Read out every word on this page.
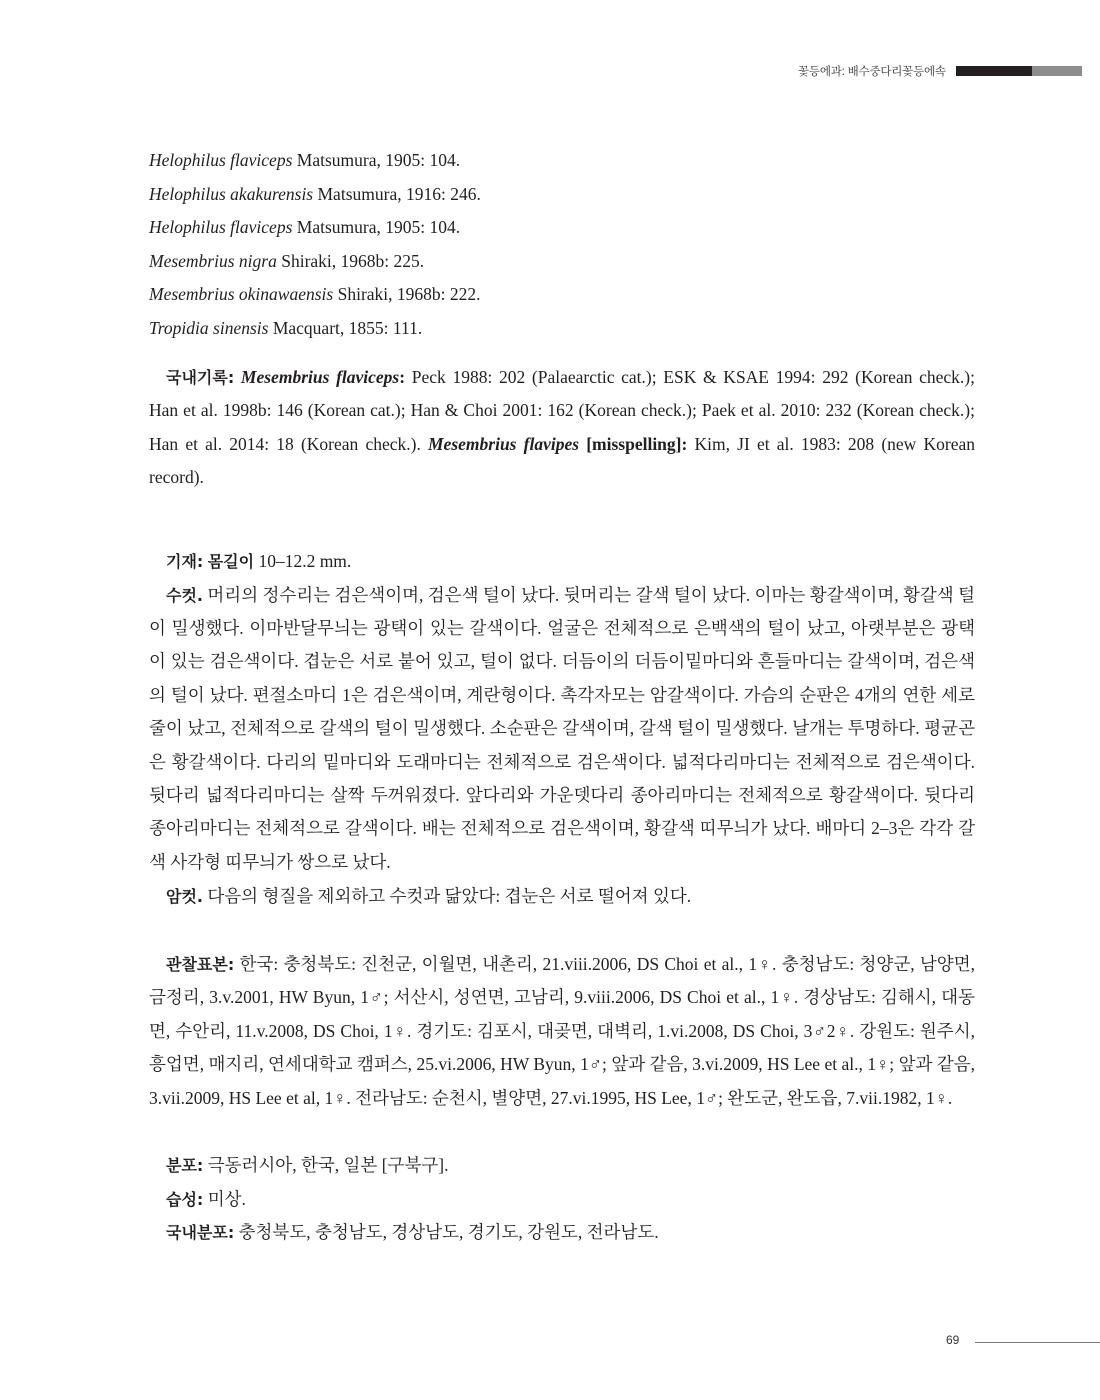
꽃등에과: 배수중다리꽃등에속
Helophilus flaviceps Matsumura, 1905: 104.
Helophilus akakurensis Matsumura, 1916: 246.
Helophilus flaviceps Matsumura, 1905: 104.
Mesembrius nigra Shiraki, 1968b: 225.
Mesembrius okinawaensis Shiraki, 1968b: 222.
Tropidia sinensis Macquart, 1855: 111.

국내기록: Mesembrius flaviceps: Peck 1988: 202 (Palaearctic cat.); ESK & KSAE 1994: 292 (Korean check.); Han et al. 1998b: 146 (Korean cat.); Han & Choi 2001: 162 (Korean check.); Paek et al. 2010: 232 (Korean check.); Han et al. 2014: 18 (Korean check.). Mesembrius flavipes [misspelling]: Kim, JI et al. 1983: 208 (new Korean record).

기재: 몸길이 10–12.2 mm.

수컷. 머리의 정수리는 검은색이며, 검은색 털이 났다. 뒷머리는 갈색 털이 났다. 이마는 황갈색이며, 황갈색 털이 밀생했다. 이마반달무늬는 광택이 있는 갈색이다. 얼굴은 전체적으로 은백색의 털이 났고, 아랫부분은 광택이 있는 검은색이다. 겹눈은 서로 붙어 있고, 털이 없다. 더듬이의 더듬이밑마디와 흔들마디는 갈색이며, 검은색의 털이 났다. 편절소마디 1은 검은색이며, 계란형이다. 촉각자모는 암갈색이다. 가슴의 순판은 4개의 연한 세로줄이 났고, 전체적으로 갈색의 털이 밀생했다. 소순판은 갈색이며, 갈색 털이 밀생했다. 날개는 투명하다. 평균곤은 황갈색이다. 다리의 밑마디와 도래마디는 전체적으로 검은색이다. 넓적다리마디는 전체적으로 검은색이다. 뒷다리 넓적다리마디는 살짝 두꺼워졌다. 앞다리와 가운뎃다리 종아리마디는 전체적으로 황갈색이다. 뒷다리 종아리마디는 전체적으로 갈색이다. 배는 전체적으로 검은색이며, 황갈색 띠무늬가 났다. 배마디 2–3은 각각 갈색 사각형 띠무늬가 쌍으로 났다.

암컷. 다음의 형질을 제외하고 수컷과 닮았다: 겹눈은 서로 떨어져 있다.

관찰표본: 한국: 충청북도: 진천군, 이월면, 내촌리, 21.viii.2006, DS Choi et al., 1♀. 충청남도: 청양군, 남양면, 금정리, 3.v.2001, HW Byun, 1♂; 서산시, 성연면, 고남리, 9.viii.2006, DS Choi et al., 1♀. 경상남도: 김해시, 대동면, 수안리, 11.v.2008, DS Choi, 1♀. 경기도: 김포시, 대곶면, 대벽리, 1.vi.2008, DS Choi, 3♂2♀. 강원도: 원주시, 흥업면, 매지리, 연세대학교 캠퍼스, 25.vi.2006, HW Byun, 1♂; 앞과 같음, 3.vi.2009, HS Lee et al., 1♀; 앞과 같음, 3.vii.2009, HS Lee et al, 1♀. 전라남도: 순천시, 별양면, 27.vi.1995, HS Lee, 1♂; 완도군, 완도읍, 7.vii.1982, 1♀.

분포: 극동러시아, 한국, 일본 [구북구].

습성: 미상.

국내분포: 충청북도, 충청남도, 경상남도, 경기도, 강원도, 전라남도.

69
